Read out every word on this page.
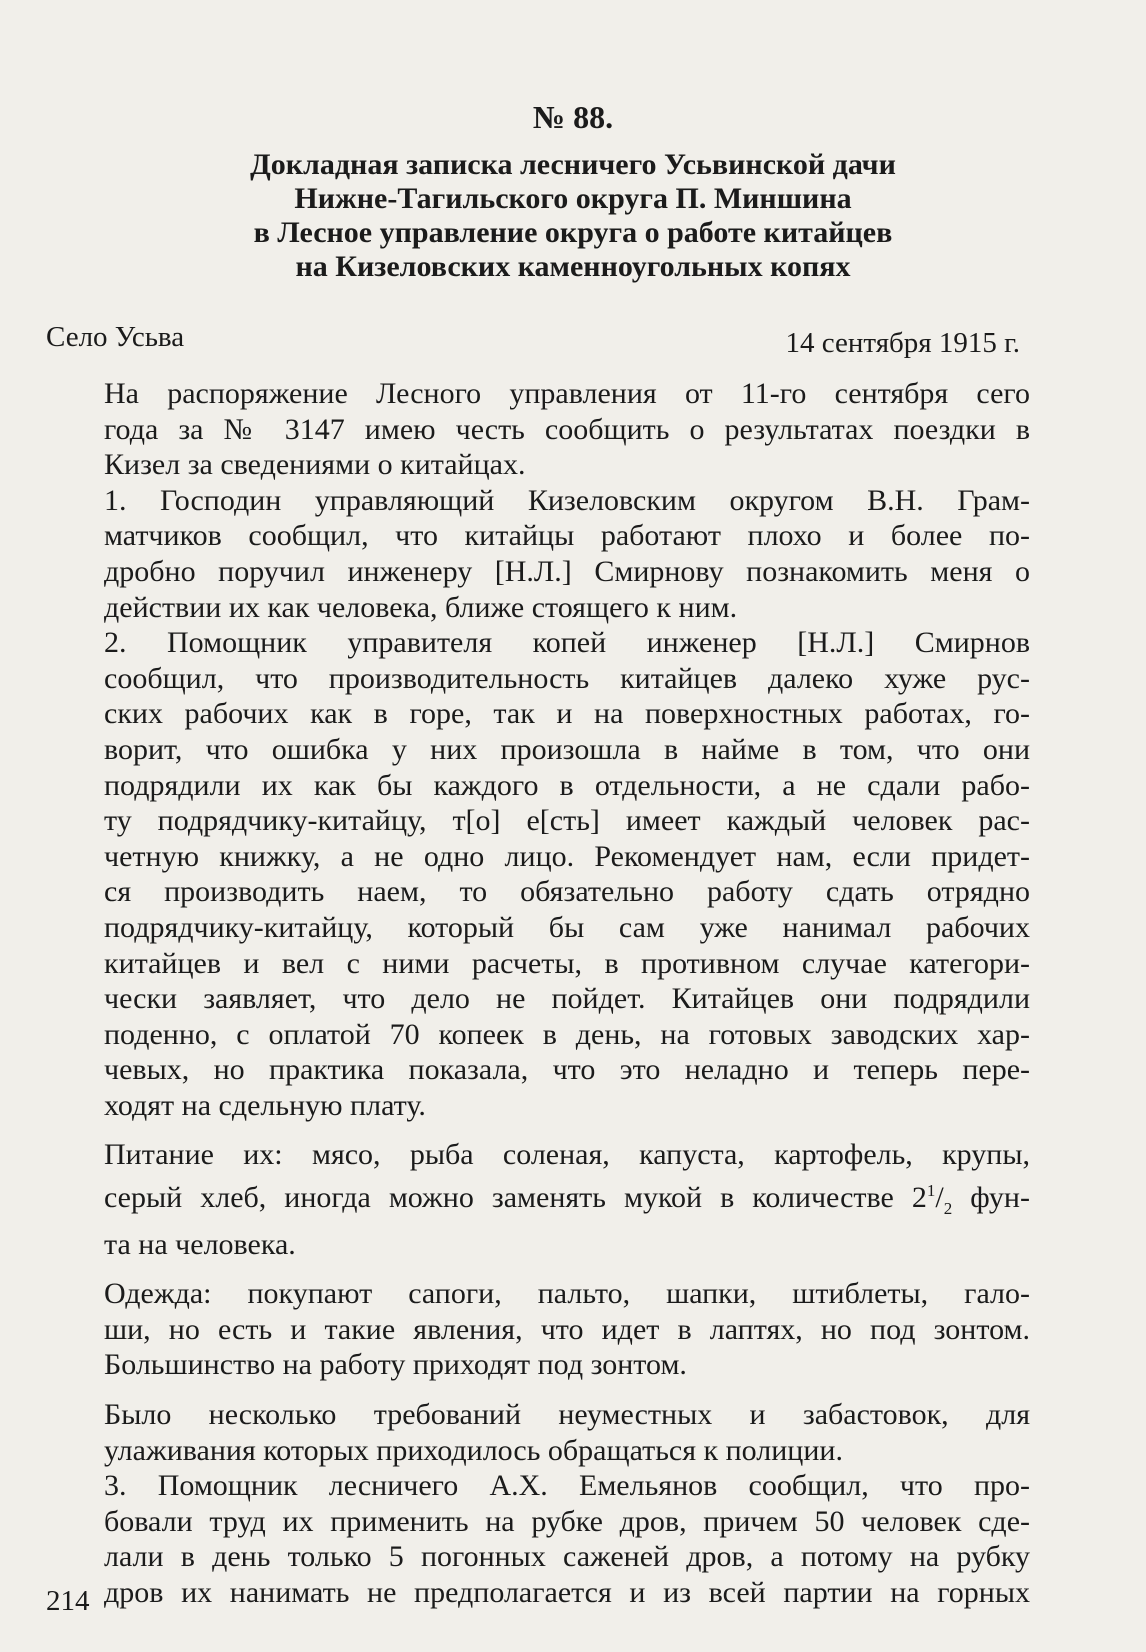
№ 88.
Докладная записка лесничего Усьвинской дачи
Нижне-Тагильского округа П. Миншина
в Лесное управление округа о работе китайцев
на Кизеловских каменноугольных копях
Село Усьва	14 сентября 1915 г.

На распоряжение Лесного управления от 11-го сентября сего
года за № 3147 имею честь сообщить о результатах поездки в
Кизел за сведениями о китайцах.

1. Господин управляющий Кизеловским округом В.Н. Грам-
матчиков сообщил, что китайцы работают плохо и более по-
дробно поручил инженеру [Н.Л.] Смирнову познакомить меня о
действии их как человека, ближе стоящего к ним.

2. Помощник управителя копей инженер [Н.Л.] Смирнов
сообщил, что производительность китайцев далеко хуже рус-
ских рабочих как в горе, так и на поверхностных работах, го-
ворит, что ошибка у них произошла в найме в том, что они
подрядили их как бы каждого в отдельности, а не сдали рабо-
ту подрядчику-китайцу, т[о] е[сть] имеет каждый человек рас-
четную книжку, а не одно лицо. Рекомендует нам, если придет-
ся производить наем, то обязательно работу сдать отрядно
подрядчику-китайцу, который бы сам уже нанимал рабочих
китайцев и вел с ними расчеты, в противном случае категори-
чески заявляет, что дело не пойдет. Китайцев они подрядили
поденно, с оплатой 70 копеек в день, на готовых заводских хар-
чевых, но практика показала, что это неладно и теперь пере-
ходят на сдельную плату.

Питание их: мясо, рыба соленая, капуста, картофель, крупы,
серый хлеб, иногда можно заменять мукой в количестве $2^1/_2$ фун-
та на человека.

Одежда: покупают сапоги, пальто, шапки, штиблеты, гало-
ши, но есть и такие явления, что идет в лаптях, но под зонтом.
Большинство на работу приходят под зонтом.

Было несколько требований неуместных и забастовок, для
улаживания которых приходилось обращаться к полиции.

3. Помощник лесничего А.Х. Емельянов сообщил, что про-
бовали труд их применить на рубке дров, причем 50 человек сде-
лали в день только 5 погонных саженей дров, а потому на рубку
дров их нанимать не предполагается и из всей партии на горных

214
